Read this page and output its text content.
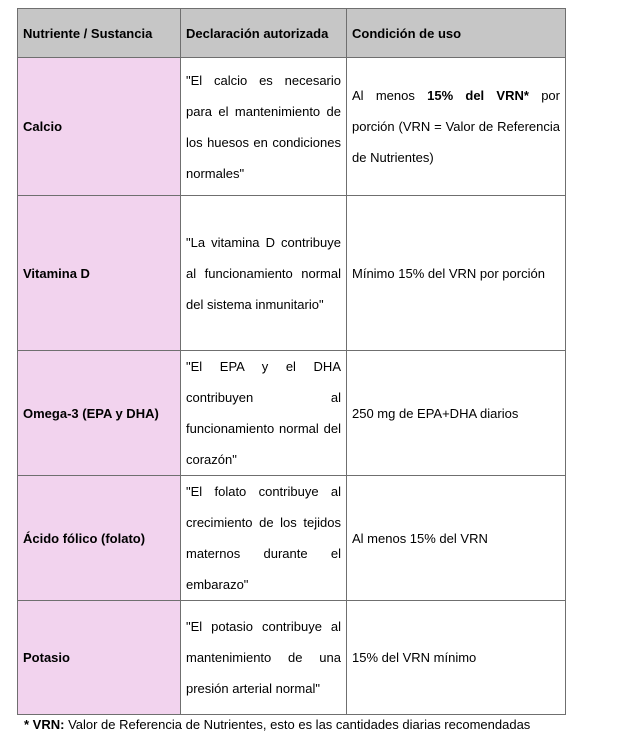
Nutriente / Sustancia	Declaración autorizada	Condición de uso
Calcio	"El calcio es necesario para el mantenimiento de los huesos en condiciones normales"	Al menos 15% del VRN* por porción (VRN = Valor de Referencia de Nutrientes)
Vitamina D	"La vitamina D contribuye al funcionamiento normal del sistema inmunitario"	Mínimo 15% del VRN por porción
Omega-3 (EPA y DHA)	"El EPA y el DHA contribuyen al funcionamiento normal del corazón"	250 mg de EPA+DHA diarios
Ácido fólico (folato)	"El folato contribuye al crecimiento de los tejidos maternos durante el embarazo"	Al menos 15% del VRN
Potasio	"El potasio contribuye al mantenimiento de una presión arterial normal"	15% del VRN mínimo
* VRN: Valor de Referencia de Nutrientes, esto es las cantidades diarias recomendadas
